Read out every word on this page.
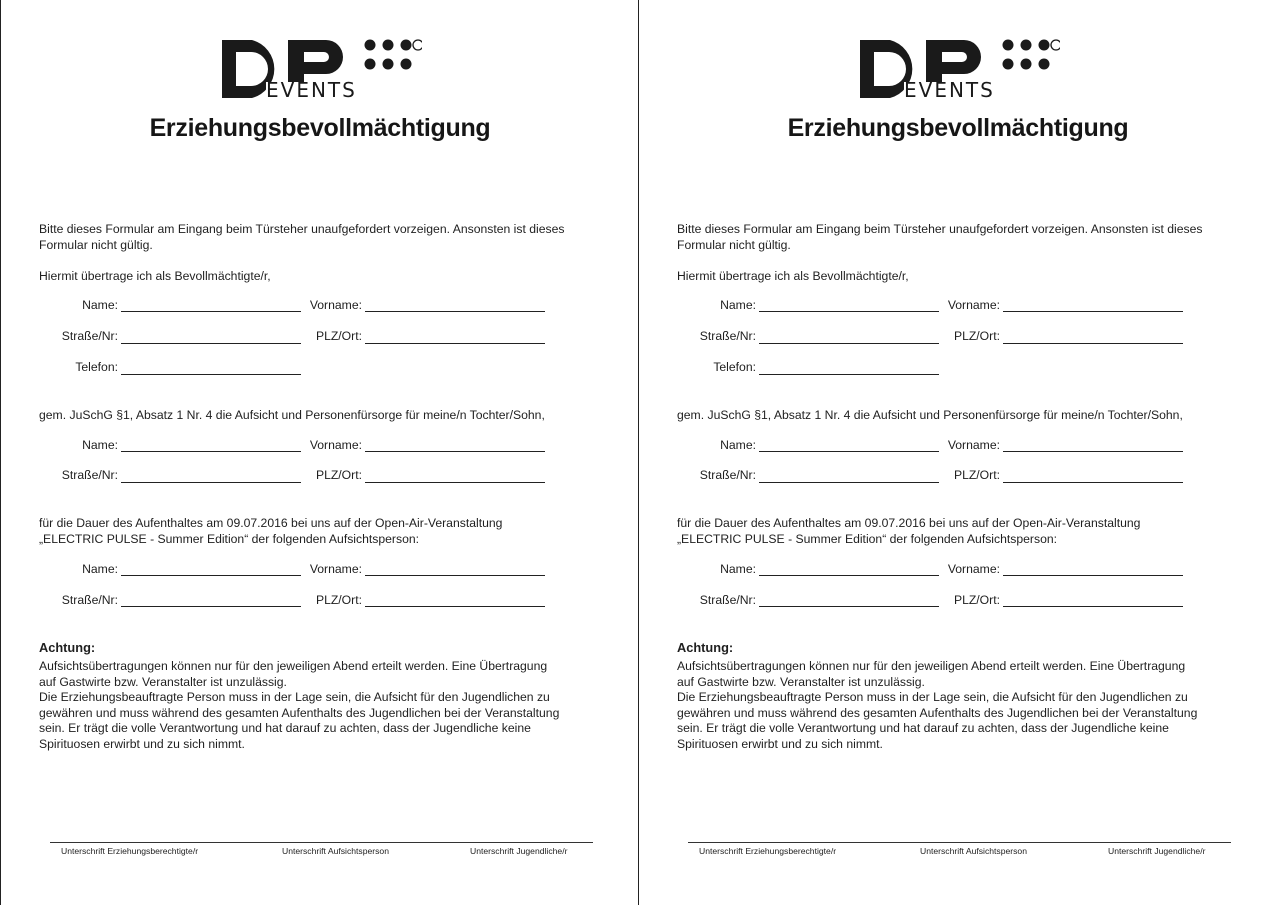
EVENTS
Erziehungsbevollmächtigung
Bitte dieses Formular am Eingang beim Türsteher unaufgefordert vorzeigen. Ansonsten ist dieses
Formular nicht gültig.
Hiermit übertrage ich als Bevollmächtigte/r,
Name:	Vorname:
Straße/Nr:	PLZ/Ort:
Telefon:
gem. JuSchG §1, Absatz 1 Nr. 4 die Aufsicht und Personenfürsorge für meine/n Tochter/Sohn,
Name:	Vorname:
Straße/Nr:	PLZ/Ort:
für die Dauer des Aufenthaltes am 09.07.2016 bei uns auf der Open-Air-Veranstaltung
„ELECTRIC PULSE - Summer Edition“ der folgenden Aufsichtsperson:
Name:	Vorname:
Straße/Nr:	PLZ/Ort:
Achtung:
Aufsichtsübertragungen können nur für den jeweiligen Abend erteilt werden. Eine Übertragung
auf Gastwirte bzw. Veranstalter ist unzulässig.
Die Erziehungsbeauftragte Person muss in der Lage sein, die Aufsicht für den Jugendlichen zu
gewähren und muss während des gesamten Aufenthalts des Jugendlichen bei der Veranstaltung
sein. Er trägt die volle Verantwortung und hat darauf zu achten, dass der Jugendliche keine
Spirituosen erwirbt und zu sich nimmt.
Unterschrift Erziehungsberechtigte/r	Unterschrift Aufsichtsperson	Unterschrift Jugendliche/r
EVENTS
Erziehungsbevollmächtigung
Bitte dieses Formular am Eingang beim Türsteher unaufgefordert vorzeigen. Ansonsten ist dieses
Formular nicht gültig.
Hiermit übertrage ich als Bevollmächtigte/r,
Name:	Vorname:
Straße/Nr:	PLZ/Ort:
Telefon:
gem. JuSchG §1, Absatz 1 Nr. 4 die Aufsicht und Personenfürsorge für meine/n Tochter/Sohn,
Name:	Vorname:
Straße/Nr:	PLZ/Ort:
für die Dauer des Aufenthaltes am 09.07.2016 bei uns auf der Open-Air-Veranstaltung
„ELECTRIC PULSE - Summer Edition“ der folgenden Aufsichtsperson:
Name:	Vorname:
Straße/Nr:	PLZ/Ort:
Achtung:
Aufsichtsübertragungen können nur für den jeweiligen Abend erteilt werden. Eine Übertragung
auf Gastwirte bzw. Veranstalter ist unzulässig.
Die Erziehungsbeauftragte Person muss in der Lage sein, die Aufsicht für den Jugendlichen zu
gewähren und muss während des gesamten Aufenthalts des Jugendlichen bei der Veranstaltung
sein. Er trägt die volle Verantwortung und hat darauf zu achten, dass der Jugendliche keine
Spirituosen erwirbt und zu sich nimmt.
Unterschrift Erziehungsberechtigte/r	Unterschrift Aufsichtsperson	Unterschrift Jugendliche/r
